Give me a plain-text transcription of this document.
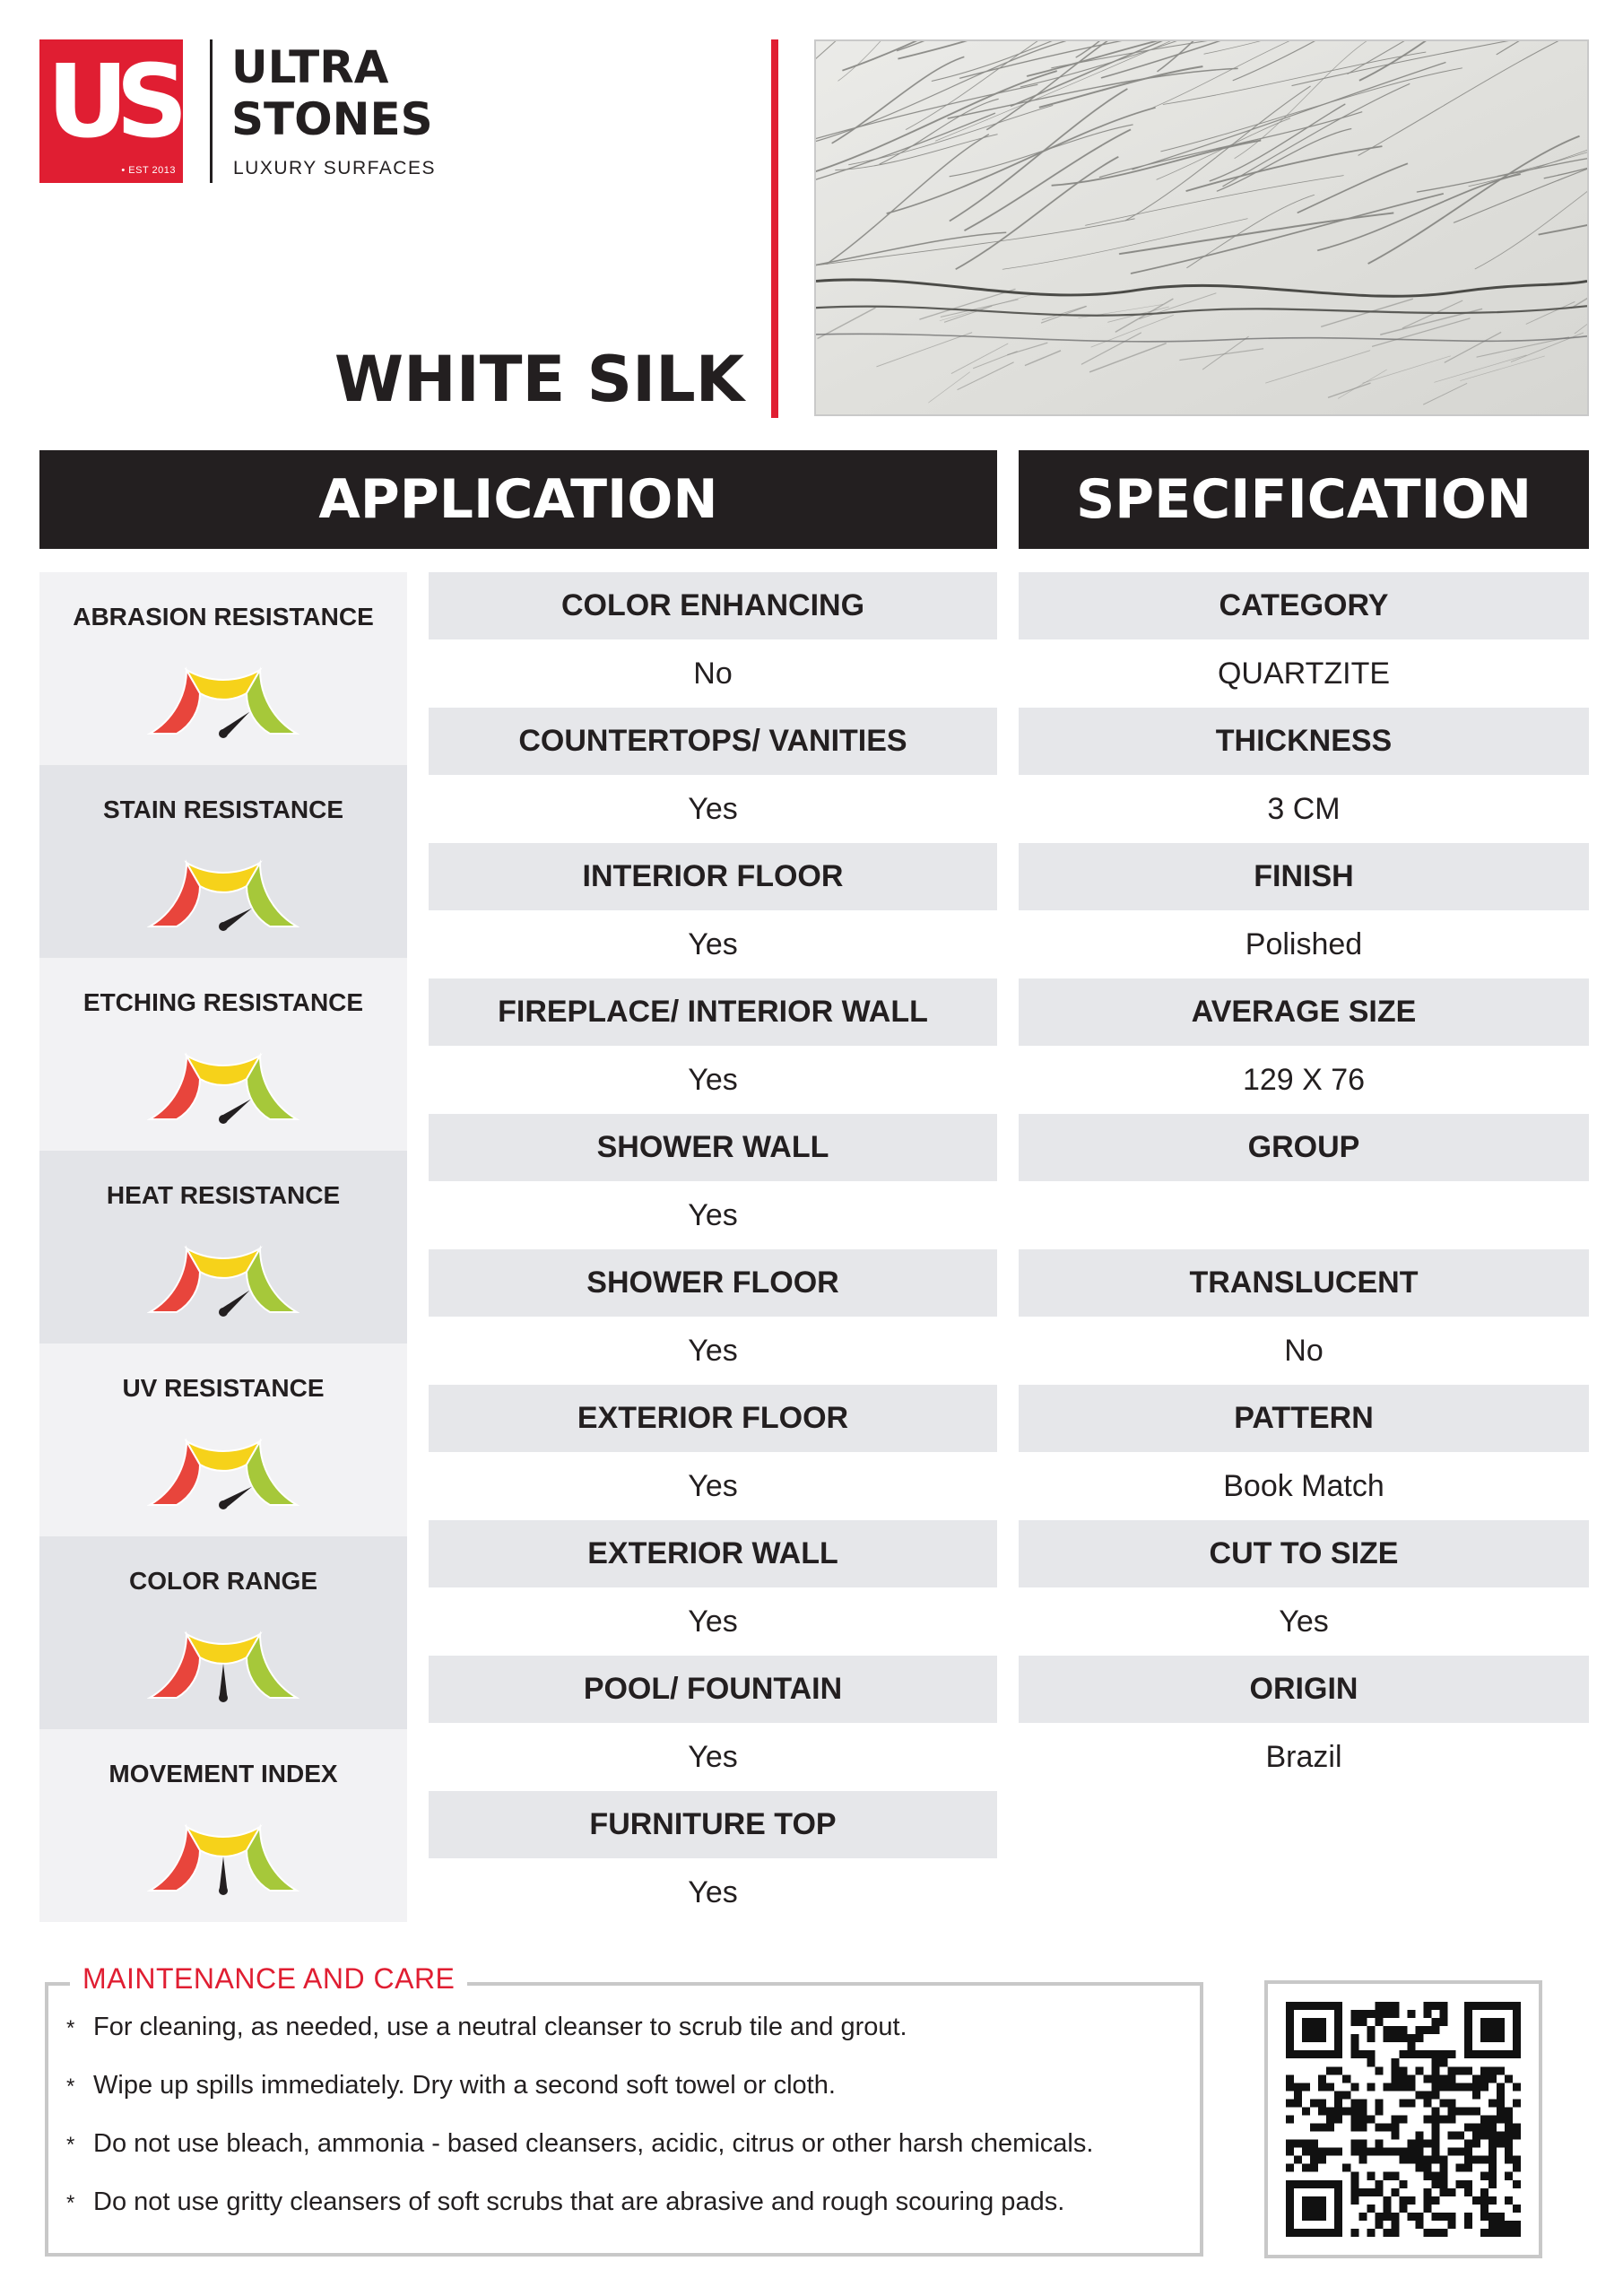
US
• EST 2013
ULTRA
STONES
LUXURY SURFACES
WHITE SILK
APPLICATION	SPECIFICATION
ABRASION RESISTANCE
STAIN RESISTANCE
ETCHING RESISTANCE
HEAT RESISTANCE
UV RESISTANCE
COLOR RANGE
MOVEMENT INDEX
COLOR ENHANCING
No
COUNTERTOPS/ VANITIES
Yes
INTERIOR FLOOR
Yes
FIREPLACE/ INTERIOR WALL
Yes
SHOWER WALL
Yes
SHOWER FLOOR
Yes
EXTERIOR FLOOR
Yes
EXTERIOR WALL
Yes
POOL/ FOUNTAIN
Yes
FURNITURE TOP
Yes
CATEGORY
QUARTZITE
THICKNESS
3 CM
FINISH
Polished
AVERAGE SIZE
129 X 76
GROUP
TRANSLUCENT
No
PATTERN
Book Match
CUT TO SIZE
Yes
ORIGIN
Brazil
MAINTENANCE AND CARE
* For cleaning, as needed, use a neutral cleanser to scrub tile and grout.
* Wipe up spills immediately. Dry with a second soft towel or cloth.
* Do not use bleach, ammonia - based cleansers, acidic, citrus or other harsh chemicals.
* Do not use gritty cleansers of soft scrubs that are abrasive and rough scouring pads.
